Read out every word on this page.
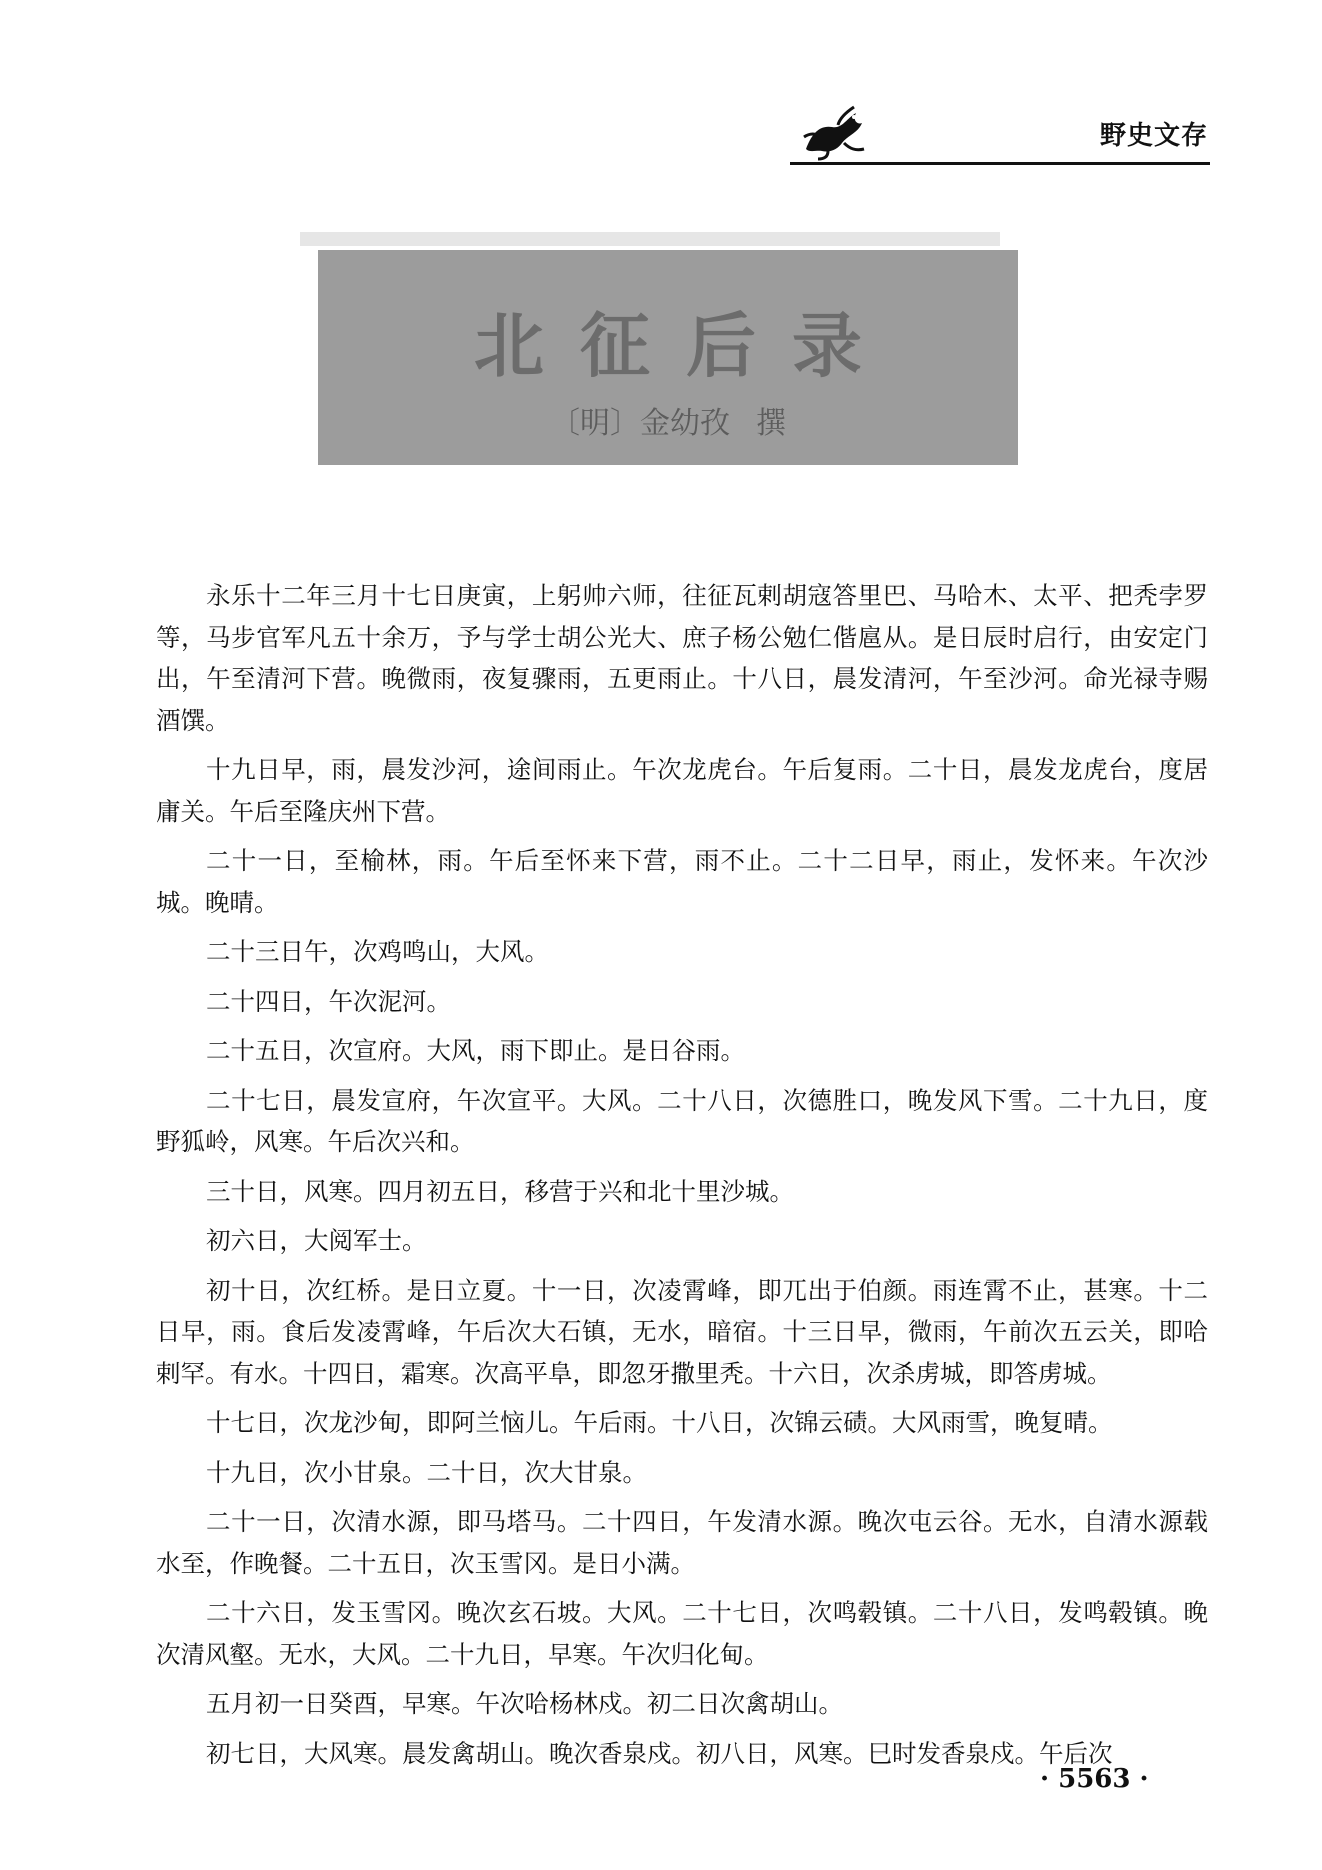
野史文存
北征后录
〔明〕金幼孜 撰

永乐十二年三月十七日庚寅，上躬帅六师，往征瓦剌胡寇答里巴、马哈木、太平、把秃孛罗等，马步官军凡五十余万，予与学士胡公光大、庶子杨公勉仁偕扈从。是日辰时启行，由安定门出，午至清河下营。晚微雨，夜复骤雨，五更雨止。十八日，晨发清河，午至沙河。命光禄寺赐酒馔。

十九日早，雨，晨发沙河，途间雨止。午次龙虎台。午后复雨。二十日，晨发龙虎台，度居庸关。午后至隆庆州下营。

二十一日，至榆林，雨。午后至怀来下营，雨不止。二十二日早，雨止，发怀来。午次沙城。晚晴。

二十三日午，次鸡鸣山，大风。

二十四日，午次泥河。

二十五日，次宣府。大风，雨下即止。是日谷雨。

二十七日，晨发宣府，午次宣平。大风。二十八日，次德胜口，晚发风下雪。二十九日，度野狐岭，风寒。午后次兴和。

三十日，风寒。四月初五日，移营于兴和北十里沙城。

初六日，大阅军士。

初十日，次红桥。是日立夏。十一日，次凌霄峰，即兀出于伯颜。雨连霄不止，甚寒。十二日早，雨。食后发凌霄峰，午后次大石镇，无水，暗宿。十三日早，微雨，午前次五云关，即哈剌罕。有水。十四日，霜寒。次高平阜，即忽牙撒里秃。十六日，次杀虏城，即答虏城。

十七日，次龙沙甸，即阿兰恼儿。午后雨。十八日，次锦云碛。大风雨雪，晚复晴。

十九日，次小甘泉。二十日，次大甘泉。

二十一日，次清水源，即马塔马。二十四日，午发清水源。晚次屯云谷。无水，自清水源载水至，作晚餐。二十五日，次玉雪冈。是日小满。

二十六日，发玉雪冈。晚次玄石坡。大风。二十七日，次鸣毂镇。二十八日，发鸣毂镇。晚次清风壑。无水，大风。二十九日，早寒。午次归化甸。

五月初一日癸酉，早寒。午次哈杨林戍。初二日次禽胡山。

初七日，大风寒。晨发禽胡山。晚次香泉戍。初八日，风寒。巳时发香泉戍。午后次

· 5563 ·
